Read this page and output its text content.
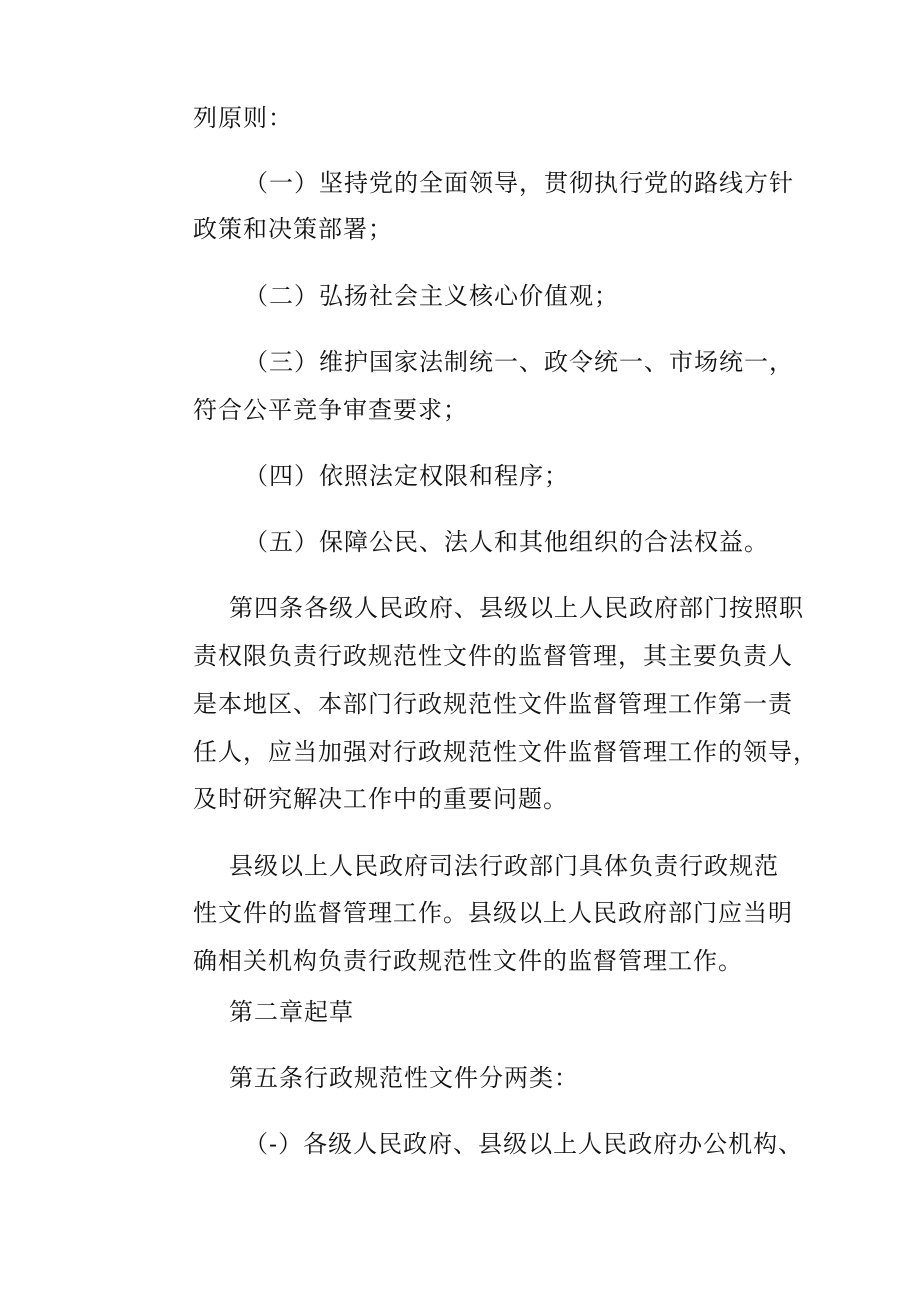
列原则：
（一）坚持党的全面领导，贯彻执行党的路线方针
政策和决策部署；
（二）弘扬社会主义核心价值观；
（三）维护国家法制统一、政令统一、市场统一，
符合公平竞争审查要求；
（四）依照法定权限和程序；
（五）保障公民、法人和其他组织的合法权益。
第四条各级人民政府、县级以上人民政府部门按照职
责权限负责行政规范性文件的监督管理，其主要负责人
是本地区、本部门行政规范性文件监督管理工作第一责
任人，应当加强对行政规范性文件监督管理工作的领导，
及时研究解决工作中的重要问题。
县级以上人民政府司法行政部门具体负责行政规范
性文件的监督管理工作。县级以上人民政府部门应当明
确相关机构负责行政规范性文件的监督管理工作。
第二章起草
第五条行政规范性文件分两类：
（-）各级人民政府、县级以上人民政府办公机构、
